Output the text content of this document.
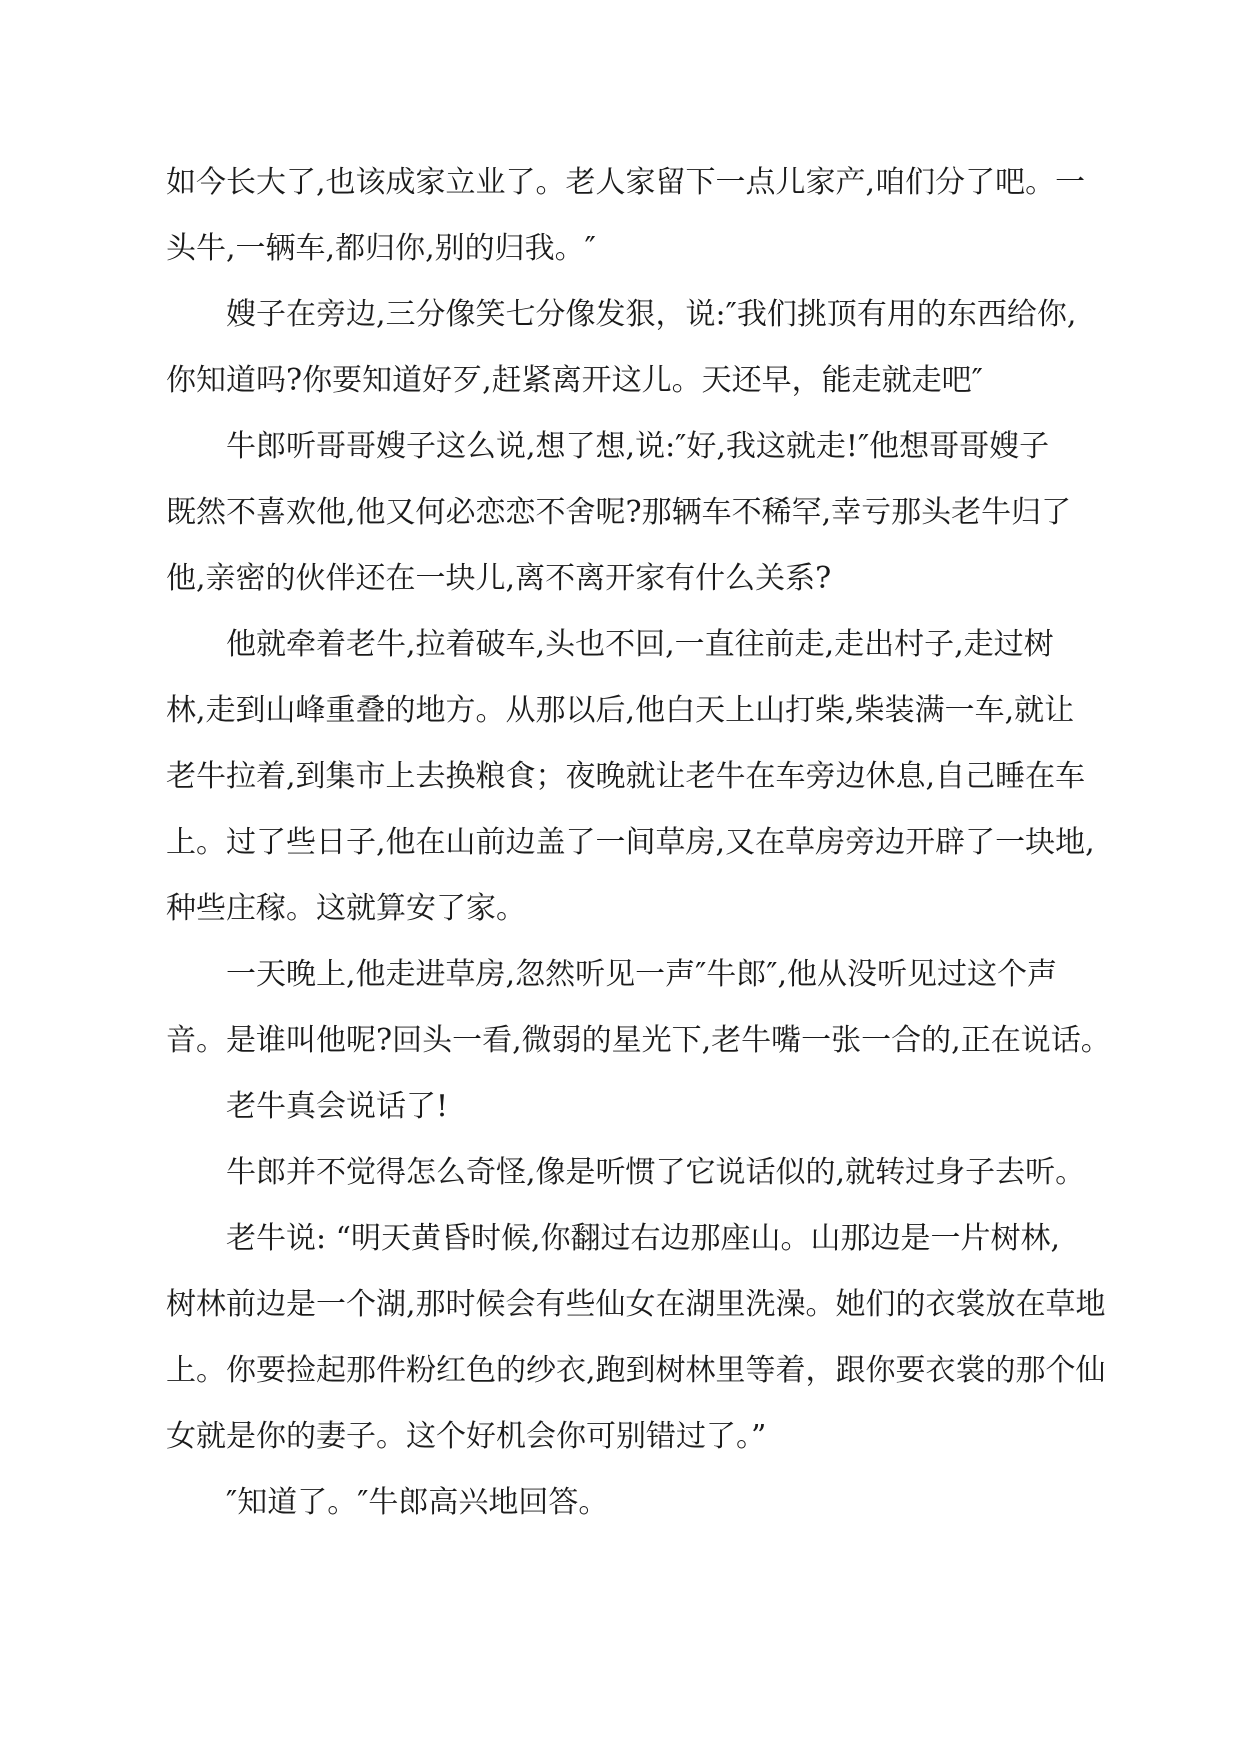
如今长大了,也该成家立业了。老人家留下一点儿家产,咱们分了吧。一
头牛,一辆车,都归你,别的归我。″
嫂子在旁边,三分像笑七分像发狠，说:″我们挑顶有用的东西给你,
你知道吗?你要知道好歹,赶紧离开这儿。天还早，能走就走吧″
牛郎听哥哥嫂子这么说,想了想,说:″好,我这就走!″他想哥哥嫂子
既然不喜欢他,他又何必恋恋不舍呢?那辆车不稀罕,幸亏那头老牛归了
他,亲密的伙伴还在一块儿,离不离开家有什么关系?
他就牵着老牛,拉着破车,头也不回,一直往前走,走出村子,走过树
林,走到山峰重叠的地方。从那以后,他白天上山打柴,柴装满一车,就让
老牛拉着,到集市上去换粮食；夜晚就让老牛在车旁边休息,自己睡在车
上。过了些日子,他在山前边盖了一间草房,又在草房旁边开辟了一块地,
种些庄稼。这就算安了家。
一天晚上,他走进草房,忽然听见一声″牛郎″,他从没听见过这个声
音。是谁叫他呢?回头一看,微弱的星光下,老牛嘴一张一合的,正在说话。
老牛真会说话了!
牛郎并不觉得怎么奇怪,像是听惯了它说话似的,就转过身子去听。
老牛说: “明天黄昏时候,你翻过右边那座山。山那边是一片树林,
树林前边是一个湖,那时候会有些仙女在湖里洗澡。她们的衣裳放在草地
上。你要捡起那件粉红色的纱衣,跑到树林里等着，跟你要衣裳的那个仙
女就是你的妻子。这个好机会你可别错过了。”
″知道了。″牛郎高兴地回答。
